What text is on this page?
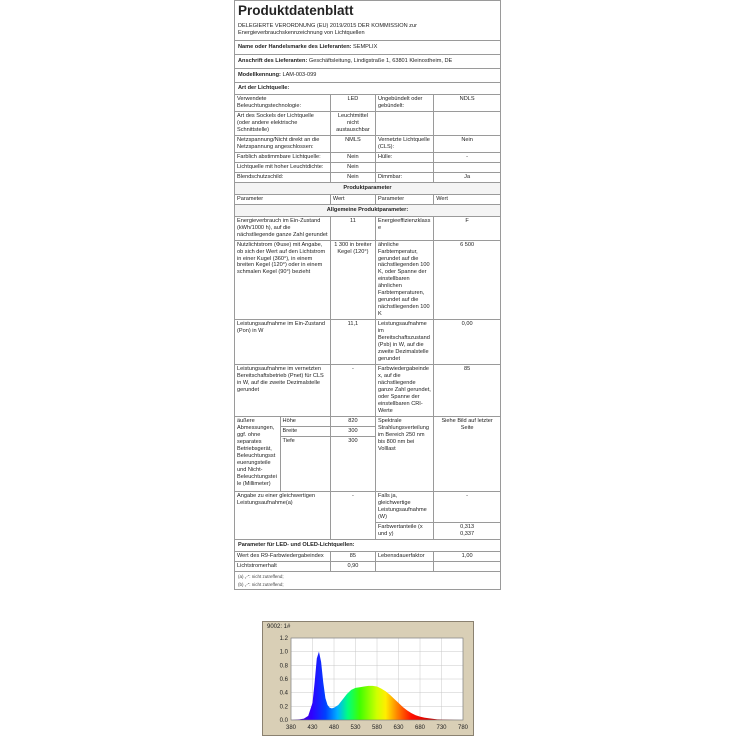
Produktdatenblatt
DELEGIERTE VERORDNUNG (EU) 2019/2015 DER KOMMISSION zur Energieverbrauchskennzeichnung von Lichtquellen
Name oder Handelsmarke des Lieferanten: SEMPLIX
Anschrift des Lieferanten: Geschäftsleitung, Lindigstraße 1, 63801 Kleinostheim, DE
Modellkennung: LAM-003-099
Art der Lichtquelle:
Verwendete Beleuchtungstechnologie:	LED	Ungebündelt oder gebündelt:	NDLS
Art des Sockels der Lichtquelle (oder andere elektrische Schnittstelle)	Leuchtmittel nicht austauschbar		
Netzspannung/Nicht direkt an die Netzspannung angeschlossen:	NMLS	Vernetzte Lichtquelle (CLS):	Nein
Farblich abstimmbare Lichtquelle:	Nein	Hülle:	-
Lichtquelle mit hoher Leuchtdichte:	Nein		
Blendschutzschild:	Nein	Dimmbar:	Ja
Produktparameter
Parameter	Wert	Parameter	Wert
Allgemeine Produktparameter:
Energieverbrauch im Ein-Zustand (kWh/1000 h), auf die nächstliegende ganze Zahl gerundet	11	Energieeffizienzklasse	F
Nutzlichtstrom (Φuse) mit Angabe, ob sich der Wert auf den Lichtstrom in einer Kugel (360°), in einem breiten Kegel (120°) oder in einem schmalen Kegel (90°) bezieht	1 300 in breiter Kegel (120°)	ähnliche Farbtemperatur, gerundet auf die nächstliegenden 100 K, oder Spanne der einstellbaren ähnlichen Farbtemperaturen, gerundet auf die nächstliegenden 100 K	6 500
Leistungsaufnahme im Ein-Zustand (Pon) in W	11,1	Leistungsaufnahme im Bereitschaftszustand (Psb) in W, auf die zweite Dezimalstelle gerundet	0,00
Leistungsaufnahme im vernetzten Bereitschaftsbetrieb (Pnet) für CLS in W, auf die zweite Dezimalstelle gerundet	-	Farbwiedergabeindex, auf die nächstliegende ganze Zahl gerundet, oder Spanne der einstellbaren CRI-Werte	85
äußere Abmessungen, ggf. ohne separates Betriebsgerät, Beleuchtungssteuerungsteile und Nicht-Beleuchtungsteile (Millimeter)	Höhe	820	Spektrale Strahlungsverteilung im Bereich 250 nm bis 800 nm bei Volllast	Siehe Bild auf letzter Seite
	Breite	300		
	Tiefe	300		
Angabe zu einer gleichwertigen Leistungsaufnahme(a)	-	Falls ja, gleichwertige Leistungsaufnahme (W)	-
		Farbwertanteile (x und y)	0,313
0,337
Parameter für LED- und OLED-Lichtquellen:
Wert des R9-Farbwiedergabeindex	85	Lebensdauerfaktor	1,00
Lichtstromerhalt	0,90		
(a) „-“: nicht zutreffend;
(b) „-“: nicht zutreffend;
9002: 1#
0.0
0.2
0.4
0.6
0.8
1.0
1.2
380 430 480 530 580 630 680 730 780
